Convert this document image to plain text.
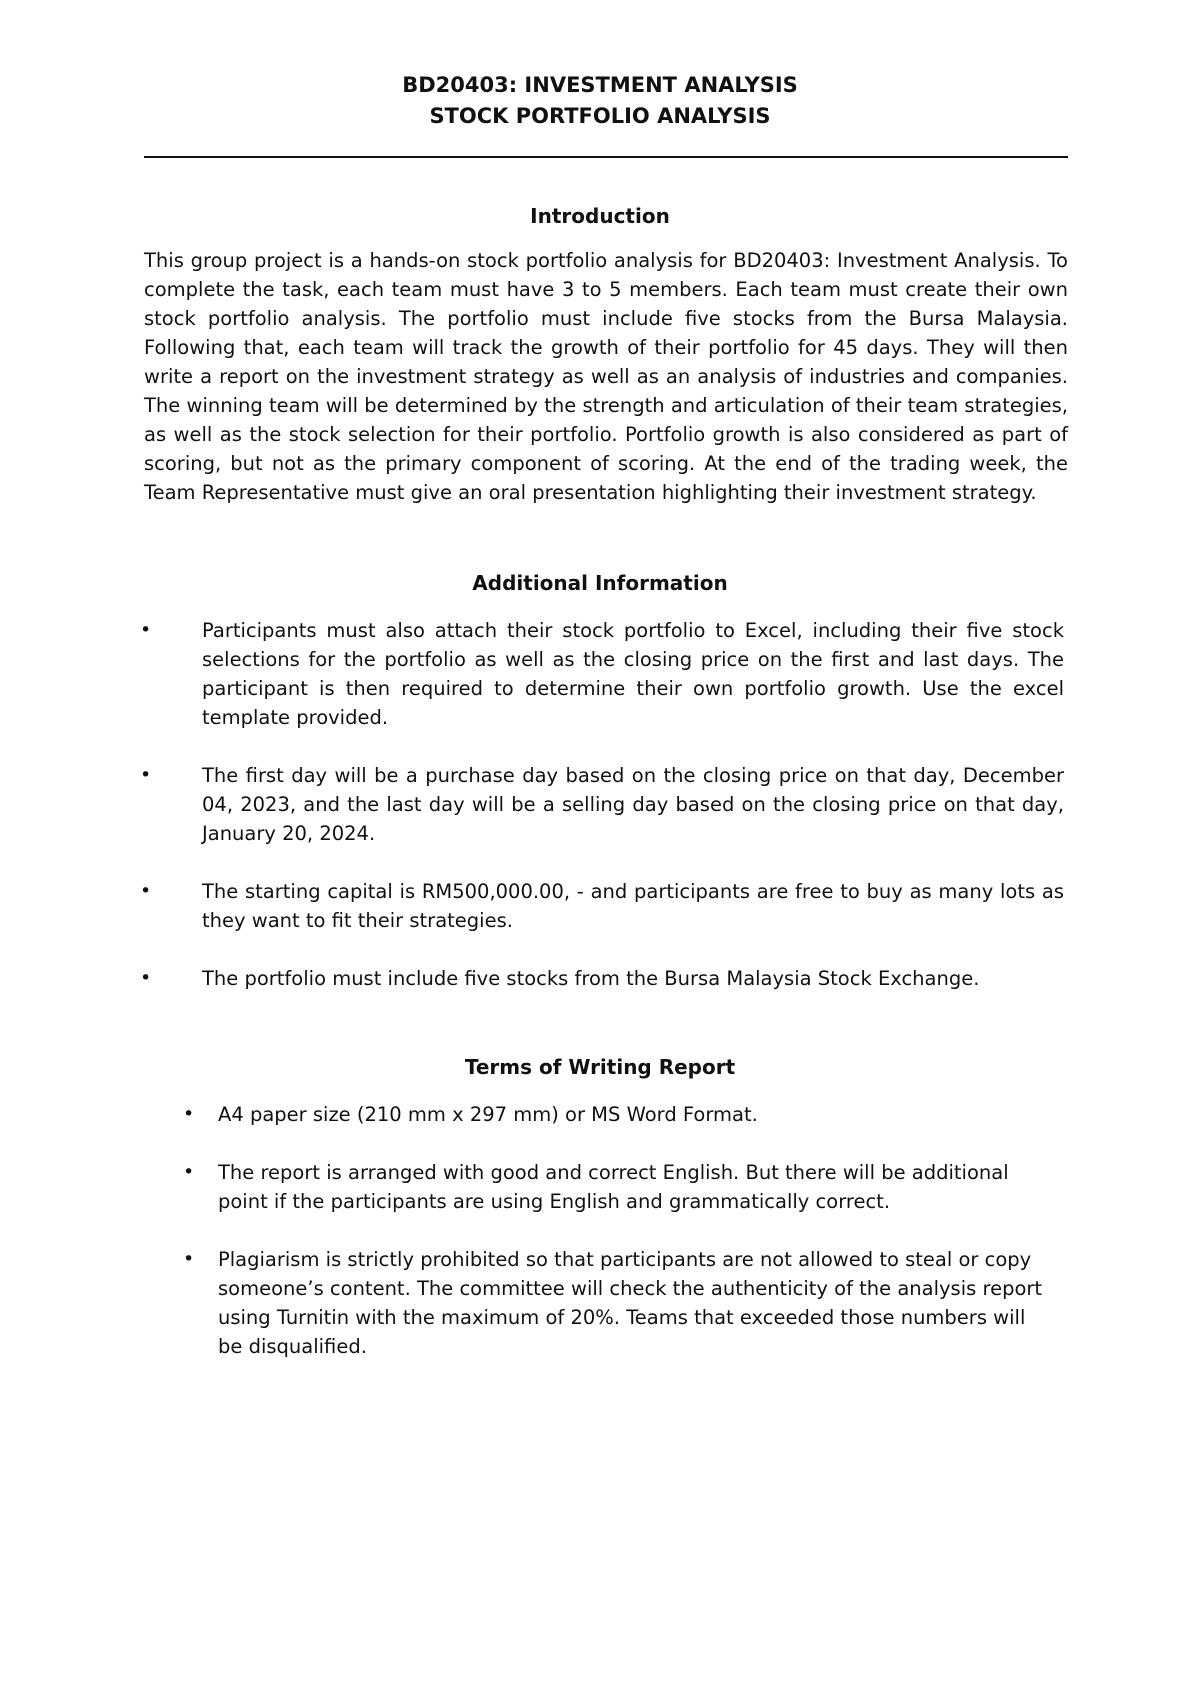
BD20403: INVESTMENT ANALYSIS
STOCK PORTFOLIO ANALYSIS
Introduction

This group project is a hands-on stock portfolio analysis for BD20403: Investment Analysis. To complete the task, each team must have 3 to 5 members. Each team must create their own stock portfolio analysis. The portfolio must include five stocks from the Bursa Malaysia. Following that, each team will track the growth of their portfolio for 45 days. They will then write a report on the investment strategy as well as an analysis of industries and companies. The winning team will be determined by the strength and articulation of their team strategies, as well as the stock selection for their portfolio. Portfolio growth is also considered as part of scoring, but not as the primary component of scoring. At the end of the trading week, the Team Representative must give an oral presentation highlighting their investment strategy.

Additional Information
•	Participants must also attach their stock portfolio to Excel, including their five stock selections for the portfolio as well as the closing price on the first and last days. The participant is then required to determine their own portfolio growth. Use the excel template provided.
•	The first day will be a purchase day based on the closing price on that day, December 04, 2023, and the last day will be a selling day based on the closing price on that day, January 20, 2024.
•	The starting capital is RM500,000.00, - and participants are free to buy as many lots as they want to fit their strategies.
•	The portfolio must include five stocks from the Bursa Malaysia Stock Exchange.
Terms of Writing Report
•	A4 paper size (210 mm x 297 mm) or MS Word Format.
•	The report is arranged with good and correct English. But there will be additional point if the participants are using English and grammatically correct.
•	Plagiarism is strictly prohibited so that participants are not allowed to steal or copy someone’s content. The committee will check the authenticity of the analysis report using Turnitin with the maximum of 20%. Teams that exceeded those numbers will be disqualified.
